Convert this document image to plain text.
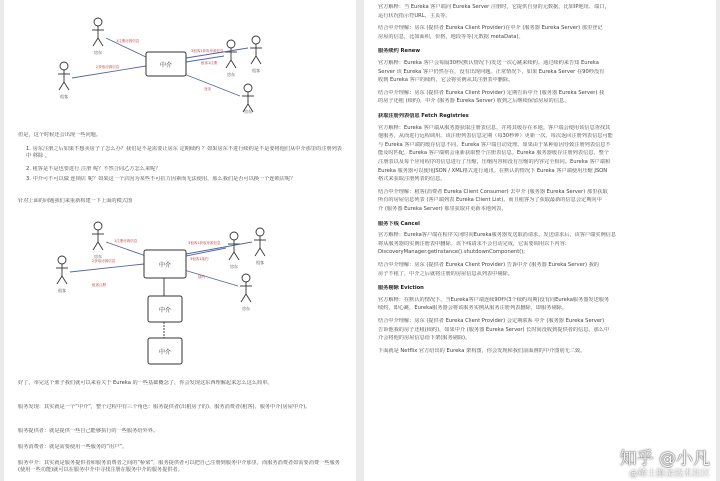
中介
房东
租客
房东
租客
房东
1注册房源信息
2获取房源信息
3租客1获取房源信息
租客1注册
登录
但是，这个时候还会出现一些问题。
1. 房东注册之后如果不想卖房子了怎么办？我们是不是需要让房东 定期续约 ？如果房东不进行续约是不是要将他们从中介那里的注册列表中 移除 。
2. 租客是不是也要进行 注册 呢？不然合同乙方怎么来呢？
3. 中介可不可以做 连锁店 呢？如果这一个店因为某些不可抗力因素而无法使用，那么我们是否可以换一个连锁店呢？
针对上面的问题我们来重新构建一下上面的模式图
中介
中介
中介
房东
租客
房东
租客
房东
1注册房源信息
2获取房源信息
3租客1获取房源信息
3租客1续约
续约
租客注册
好了，举完这个栗子我们就可以来看关于 Eureka 的一些基础概念了，你会发现这东西理解起来怎么这么简单。
服务发现：其实就是一个“中介”，整个过程中有三个角色：服务提供者(出租房子的)、服务消费者(租客)、服务中介(房屋中介)。
服务提供者：就是提供一些自己能够执行的一些服务给外界。
服务消费者：就是需要使用一些服务的“用户”。
服务中介：其实就是服务提供者和服务消费者之间的“桥梁”，服务提供者可以把自己注册到服务中介那里，而服务消费者如需要消费一些服务(使用一些功能)就可以在服务中介中寻找注册在服务中介的服务提供者。
官方解释：当 Eureka 客户端向 Eureka Server 注册时，它提供自身的元数据，比如IP地址、端口，
运行状况指示符URL，主页等。
结合中介理解：房东 (提供者 Eureka Client Provider)在中介 (服务器 Eureka Server) 那里登记
房屋的信息，比如面积，价格，地段等等(元数据 metaData)。
服务续约 Renew
官方解释：Eureka 客户会每隔30秒(默认情况下)发送一次心跳来续约。通过续约来告知 Eureka
Server 该 Eureka 客户仍然存在，没有出现问题。正常情况下，如果 Eureka Server 在90秒没有
收到 Eureka 客户的续约，它会将实例从其注册表中删除。
结合中介理解：房东 (提供者 Eureka Client Provider) 定期告诉中介 (服务器 Eureka Server) 我
的房子还租 (续约)，中介 (服务器 Eureka Server) 收到之后继续保留房屋的信息。
获取注册列表信息 Fetch Registries
官方解释：Eureka 客户端从服务器获取注册表信息，并将其缓存在本地。客户端会使用该信息查找其
他服务，从而进行远程调用。该注册列表信息定期（每30秒钟）更新一次。每次返回注册列表信息可能
与 Eureka 客户端的缓存信息不同，Eureka 客户端自动处理。如果由于某种原因导致注册列表信息不
能及时匹配，Eureka 客户端则会重新获取整个注册表信息。Eureka 服务器缓存注册列表信息，整个
注册表以及每个应用程序的信息进行了压缩，压缩内容和没有压缩的内容完全相同。Eureka 客户端和
Eureka 服务器可以使用JSON / XML格式进行通讯。在默认的情况下 Eureka 客户端使用压缩 JSON
格式来获取注册列表的信息。
结合中介理解：租客(消费者 Eureka Client Consumer) 去中介 (服务器 Eureka Server) 那里获取
所有的房屋信息列表 (客户端列表 Eureka Client List)，而且租客为了获取最新的信息会定期向中
介 (服务器 Eureka Server) 那里获取并更新本地列表。
服务下线 Cancel
官方解释：Eureka客户端在程序关闭时向Eureka服务器发送取消请求。发送请求后，该客户端实例信息
将从服务器的实例注册表中删除。该下线请求不会自动完成，它需要调用以下内容：
DiscoveryManager.getInstance().shutdownComponent();
结合中介理解：房东 (提供者 Eureka Client Provider) 告诉中介 (服务器 Eureka Server) 我的
房子不租了，中介之后就将注册的房屋信息从列表中剔除。
服务剔除 Eviction
官方解释：在默认的情况下，当Eureka客户端连续90秒(3个续约周期)没有向Eureka服务器发送服务
续约，即心跳，Eureka服务器会将该服务实例从服务注册列表删除，即服务剔除。
结合中介理解：房东 (提供者 Eureka Client Provider) 会定期联系 中介 (服务器 Eureka Server)
告诉他我的房子还租(续约)，如果中介 (服务器 Eureka Server) 长时间没收到提供者的信息，那么中
介会将他的房屋信息给下架(服务剔除)。
下面就是 Netflix 官方给出的 Eureka 架构图，你会发现和我们前面画的中介图别无二致。
知乎 @小凡
@稀土掘金技术社区
